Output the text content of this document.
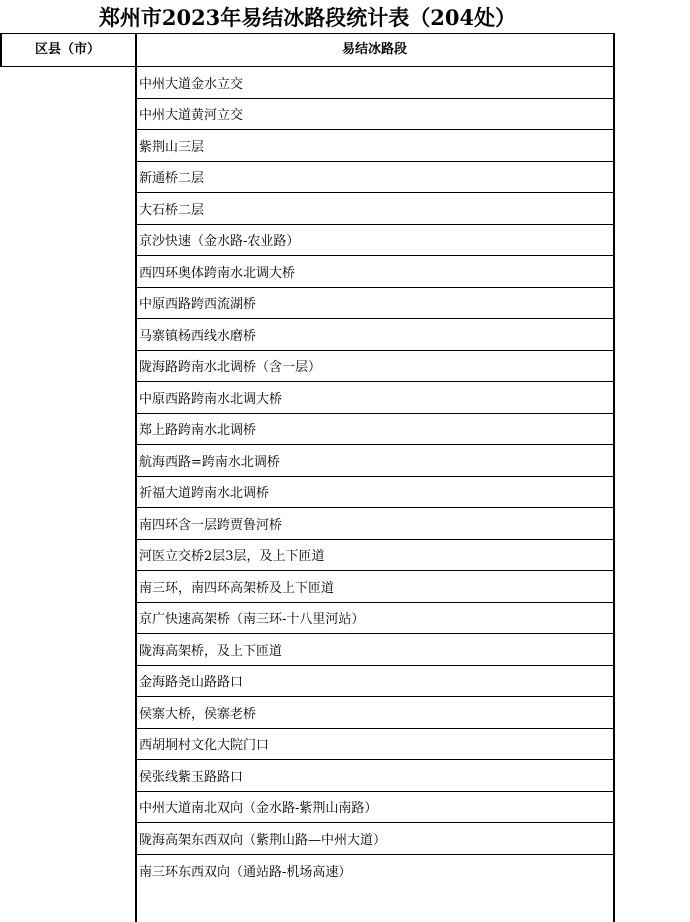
郑州市2023年易结冰路段统计表（204处）
区县（市）	易结冰路段
中州大道金水立交
中州大道黄河立交
紫荆山三层
新通桥二层
大石桥二层
京沙快速（金水路-农业路）
西四环奥体跨南水北调大桥
中原西路跨西流湖桥
马寨镇杨西线水磨桥
陇海路跨南水北调桥（含一层）
中原西路跨南水北调大桥
郑上路跨南水北调桥
航海西路=跨南水北调桥
祈福大道跨南水北调桥
南四环含一层跨贾鲁河桥
河医立交桥2层3层，及上下匝道
南三环，南四环高架桥及上下匝道
京广快速高架桥（南三环-十八里河站）
陇海高架桥，及上下匝道
金海路尧山路路口
侯寨大桥，侯寨老桥
西胡垌村文化大院门口
侯张线紫玉路路口
中州大道南北双向（金水路-紫荆山南路）
陇海高架东西双向（紫荆山路—中州大道）
南三环东西双向（通站路-机场高速）
